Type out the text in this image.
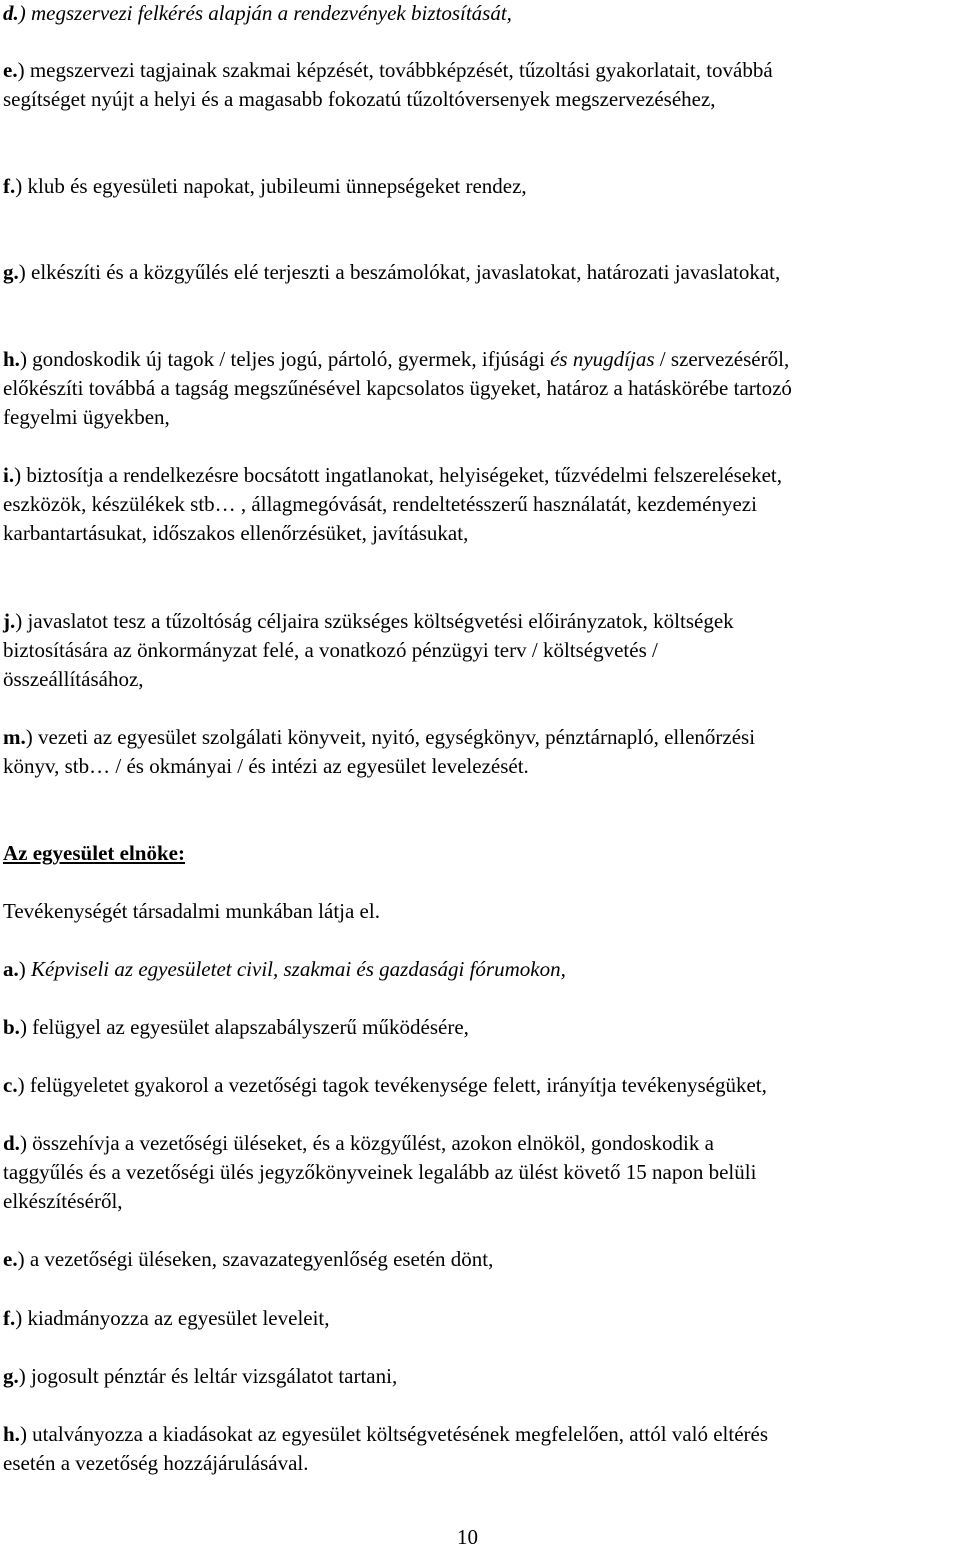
d.) megszervezi felkérés alapján a rendezvények biztosítását,

e.) megszervezi tagjainak szakmai képzését, továbbképzését, tűzoltási gyakorlatait, továbbá

segítséget nyújt a helyi és a magasabb fokozatú tűzoltóversenyek megszervezéséhez,

f.) klub és egyesületi napokat, jubileumi ünnepségeket rendez,

g.) elkészíti és a közgyűlés elé terjeszti a beszámolókat, javaslatokat, határozati javaslatokat,

h.) gondoskodik új tagok / teljes jogú, pártoló, gyermek, ifjúsági és nyugdíjas / szervezéséről,

előkészíti továbbá a tagság megszűnésével kapcsolatos ügyeket, határoz a hatáskörébe tartozó

fegyelmi ügyekben,

i.) biztosítja a rendelkezésre bocsátott ingatlanokat, helyiségeket, tűzvédelmi felszereléseket,

eszközök, készülékek stb… , állagmegóvását, rendeltetésszerű használatát, kezdeményezi

karbantartásukat, időszakos ellenőrzésüket, javításukat,

j.) javaslatot tesz a tűzoltóság céljaira szükséges költségvetési előirányzatok, költségek

biztosítására az önkormányzat felé, a vonatkozó pénzügyi terv / költségvetés /

összeállításához,

m.) vezeti az egyesület szolgálati könyveit, nyitó, egységkönyv, pénztárnapló, ellenőrzési

könyv, stb… / és okmányai / és intézi az egyesület levelezését.

Az egyesület elnöke:

Tevékenységét társadalmi munkában látja el.

a.) Képviseli az egyesületet civil, szakmai és gazdasági fórumokon,

b.) felügyel az egyesület alapszabályszerű működésére,

c.) felügyeletet gyakorol a vezetőségi tagok tevékenysége felett, irányítja tevékenységüket,

d.) összehívja a vezetőségi üléseket, és a közgyűlést, azokon elnököl, gondoskodik a

taggyűlés és a vezetőségi ülés jegyzőkönyveinek legalább az ülést követő 15 napon belüli

elkészítéséről,

e.) a vezetőségi üléseken, szavazategyenlőség esetén dönt,

f.) kiadmányozza az egyesület leveleit,

g.) jogosult pénztár és leltár vizsgálatot tartani,

h.) utalványozza a kiadásokat az egyesület költségvetésének megfelelően, attól való eltérés

esetén a vezetőség hozzájárulásával.

10
